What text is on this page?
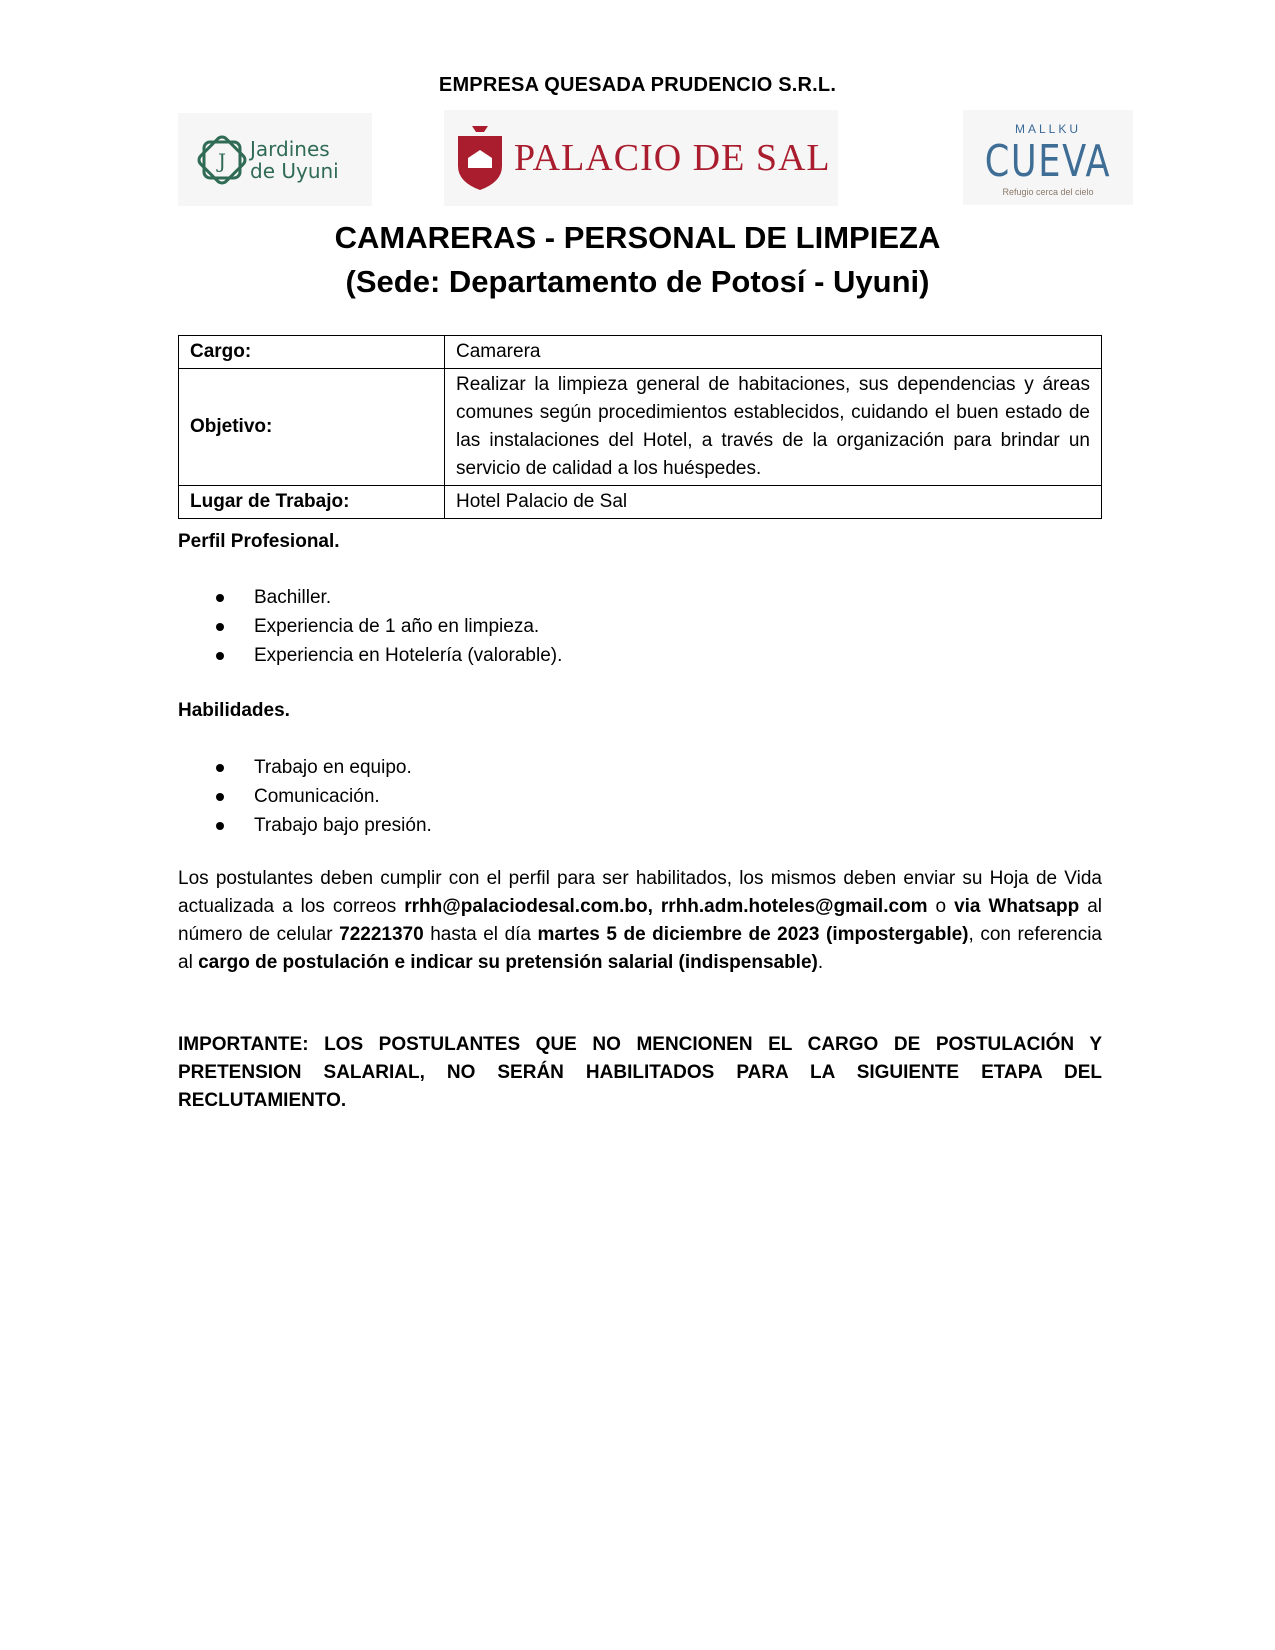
EMPRESA QUESADA PRUDENCIO S.R.L.
J Jardines
de Uyuni	PALACIO DE SAL
MALLKU
CUEVA
Refugio cerca del cielo
CAMARERAS - PERSONAL DE LIMPIEZA
(Sede: Departamento de Potosí - Uyuni)
Cargo:	Camarera
Objetivo:	Realizar la limpieza general de habitaciones, sus dependencias y áreas comunes según procedimientos establecidos, cuidando el buen estado de las instalaciones del Hotel, a través de la organización para brindar un servicio de calidad a los huéspedes.
Lugar de Trabajo:	Hotel Palacio de Sal
Perfil Profesional.
Bachiller.
Experiencia de 1 año en limpieza.
Experiencia en Hotelería (valorable).
Habilidades.
Trabajo en equipo.
Comunicación.
Trabajo bajo presión.
Los postulantes deben cumplir con el perfil para ser habilitados, los mismos deben enviar su Hoja de Vida actualizada a los correos rrhh@palaciodesal.com.bo, rrhh.adm.hoteles@gmail.com o via Whatsapp al número de celular 72221370 hasta el día martes 5 de diciembre de 2023 (impostergable), con referencia al cargo de postulación e indicar su pretensión salarial (indispensable).
IMPORTANTE: LOS POSTULANTES QUE NO MENCIONEN EL CARGO DE POSTULACIÓN Y PRETENSION SALARIAL, NO SERÁN HABILITADOS PARA LA SIGUIENTE ETAPA DEL RECLUTAMIENTO.
